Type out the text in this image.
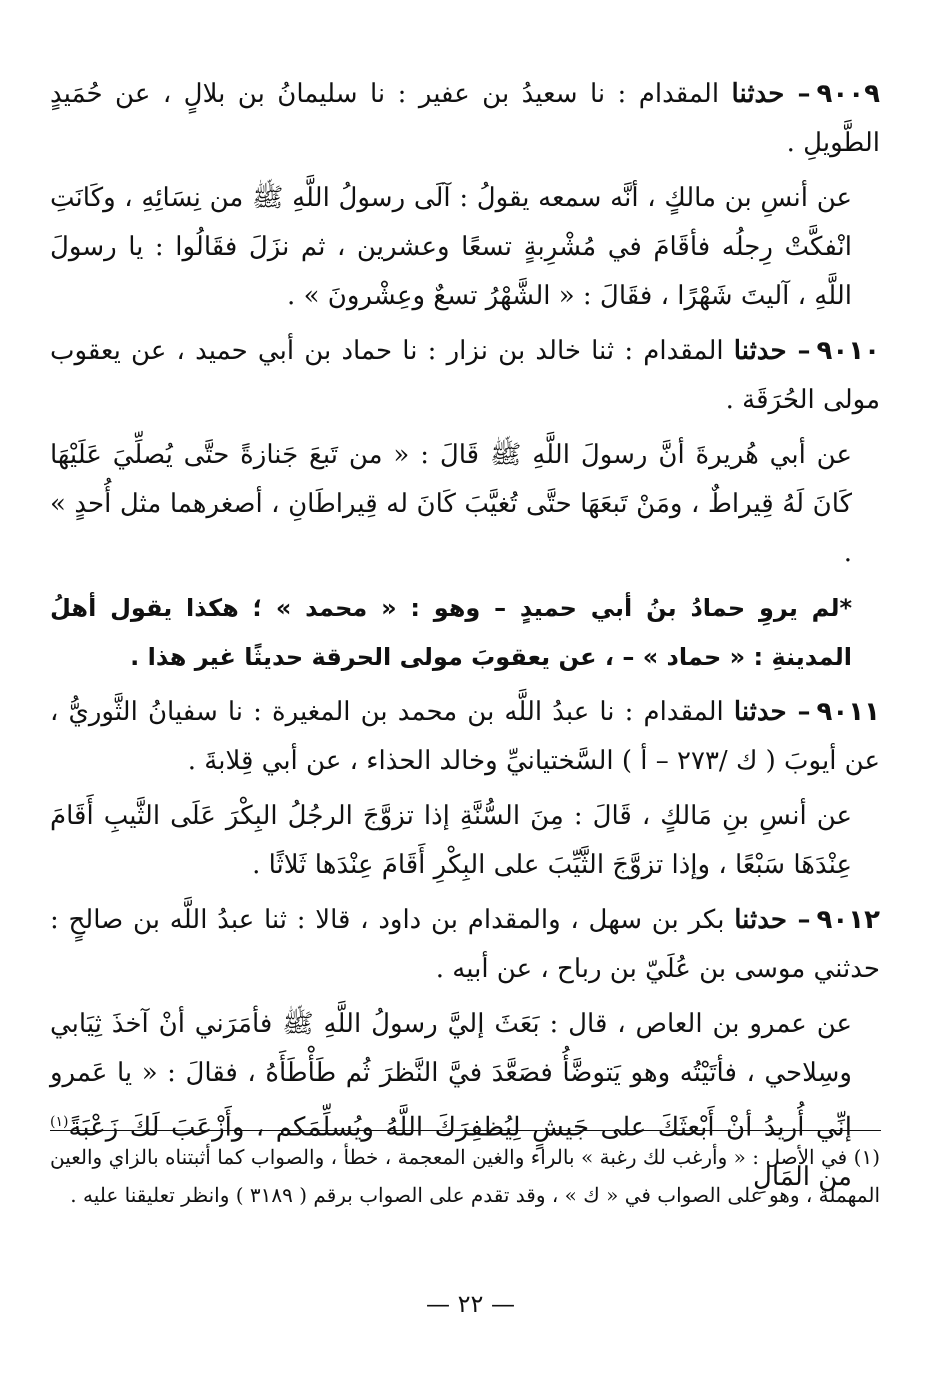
٩٠٠٩– حدثنا المقدام : نا سعيدُ بن عفير : نا سليمانُ بن بلالٍ ، عن حُمَيدٍ الطَّويلِ .

عن أنسِ بن مالكٍ ، أنَّه سمعه يقولُ : آلَى رسولُ اللَّهِ ﷺ من نِسَائِهِ ، وكَانَتِ انْفكَّتْ رِجلُه فأقَامَ في مُشْرِبةٍ تسعًا وعشرين ، ثم نزَلَ فقَالُوا : يا رسولَ اللَّهِ ، آليتَ شَهْرًا ، فقَالَ : « الشَّهْرُ تسعٌ وعِشْرونَ » .

٩٠١٠– حدثنا المقدام : ثنا خالد بن نزار : نا حماد بن أبي حميد ، عن يعقوب مولى الحُرَقَة .

عن أبي هُريرةَ أنَّ رسولَ اللَّهِ ﷺ قَالَ : « من تَبعَ جَنازةً حتَّى يُصلِّيَ عَلَيْهَا كَانَ لَهُ قِيراطٌ ، ومَنْ تَبعَهَا حتَّى تُغيَّبَ كَانَ له قِيراطَانِ ، أصغرهما مثل أُحدٍ » .

*لم يروِ حمادُ بنُ أبي حميدٍ – وهو : « محمد » ؛ هكذا يقول أهلُ المدينةِ : « حماد » – ، عن يعقوبَ مولى الحرقة حديثًا غير هذا .

٩٠١١– حدثنا المقدام : نا عبدُ اللَّه بن محمد بن المغيرة : نا سفيانُ الثَّوريُّ ، عن أيوبَ ( ك /٢٧٣ – أ ) السَّختيانيِّ وخالد الحذاء ، عن أبي قِلابةَ .

عن أنسِ بنِ مَالكٍ ، قَالَ : مِنَ السُّنَّةِ إذا تزوَّجَ الرجُلُ البِكْرَ عَلَى الثَّيبِ أَقَامَ عِنْدَهَا سَبْعًا ، وإذا تزوَّجَ الثَّيِّبَ على البِكْرِ أَقَامَ عِنْدَها ثَلاثًا .

٩٠١٢– حدثنا بكر بن سهل ، والمقدام بن داود ، قالا : ثنا عبدُ اللَّه بن صالحٍ : حدثني موسى بن عُلَيّ بن رباح ، عن أبيه .

عن عمرو بن العاص ، قال : بَعَثَ إليَّ رسولُ اللَّهِ ﷺ فأمَرَني أنْ آخذَ ثِيَابي وسِلاحي ، فأتَيْتُه وهو يَتوضَّأُ فصَعَّدَ فيَّ النَّظرَ ثُم طَأْطَأَهُ ، فقالَ : « يا عَمرو إنِّي أُريدُ أنْ أَبْعثَكَ على جَيشٍ لِيُظفِرَكَ اللَّهُ ويُسلِّمَكم ، وأَزْعَبَ لَكَ زَعْبَةً$^{(١)}$ من المَالِ

(١) في الأصل : « وأرغب لك رغبة » بالراء والغين المعجمة ، خطأ ، والصواب كما أثبتناه بالزاي والعين المهملة ، وهو على الصواب في « ك » ، وقد تقدم على الصواب برقم ( ٣١٨٩ ) وانظر تعليقنا عليه .
— ٢٢ —
